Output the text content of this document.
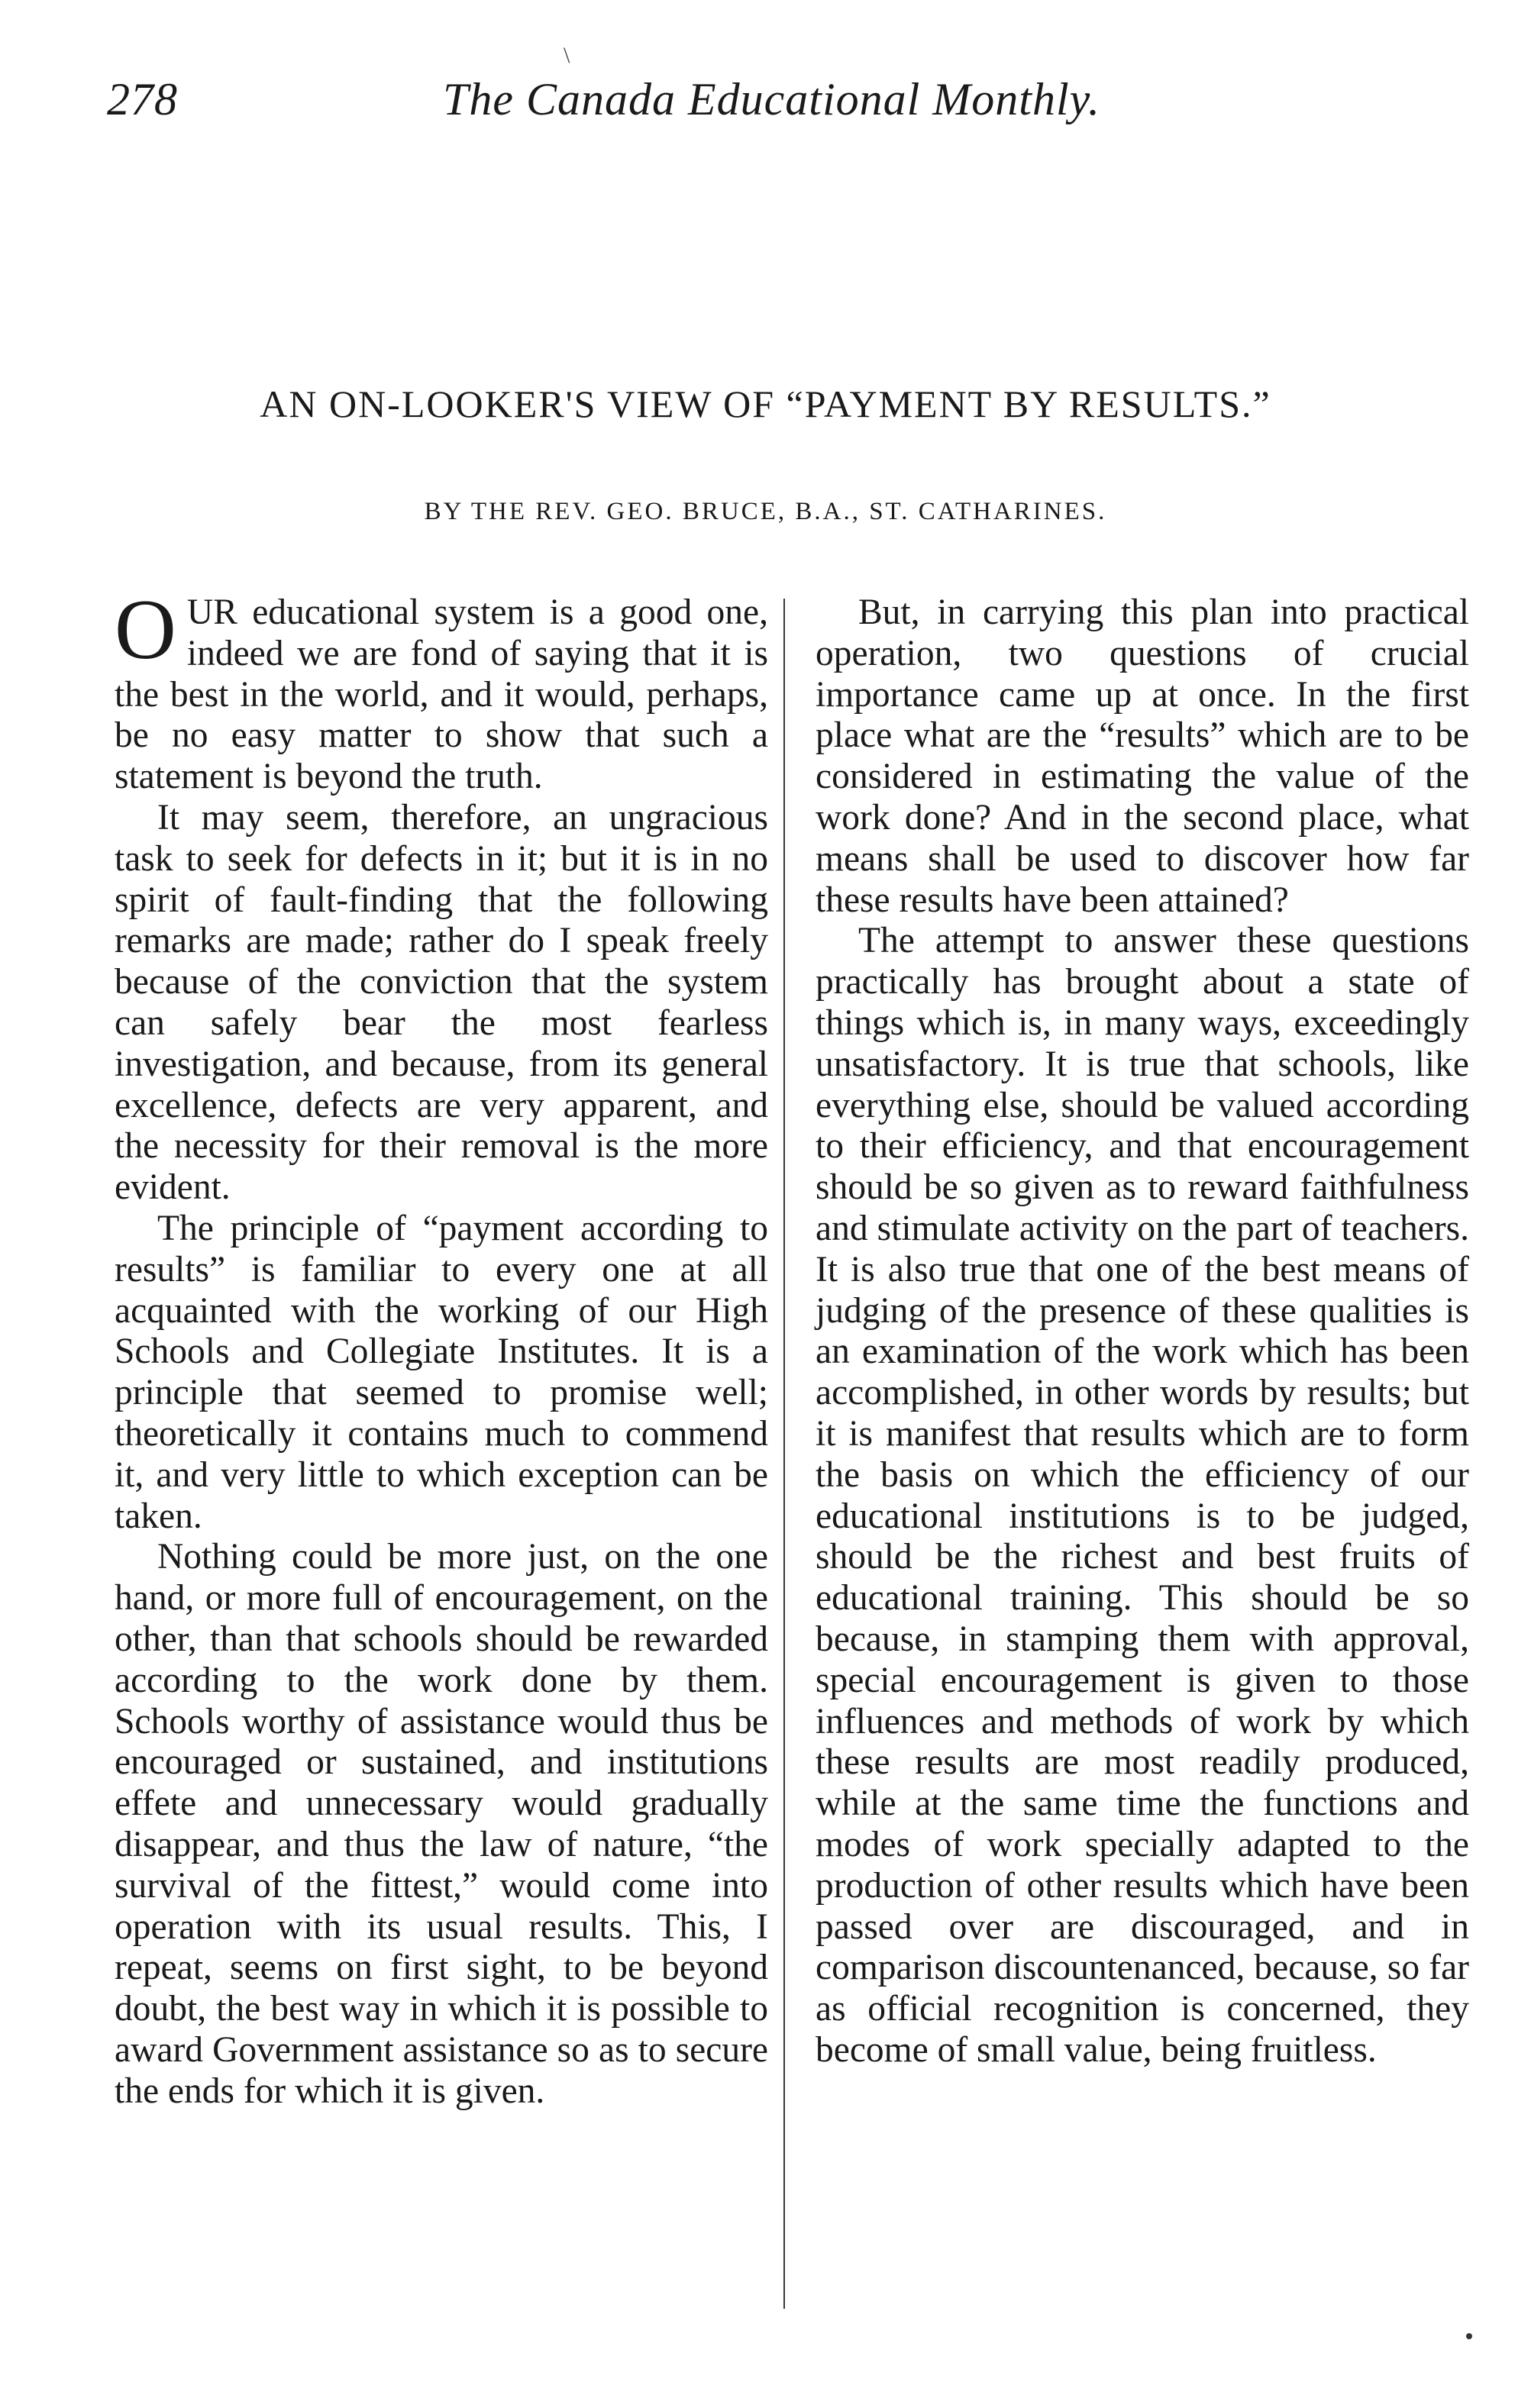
\
278	The Canada Educational Monthly.
AN ON-LOOKER'S VIEW OF “PAYMENT BY RESULTS.”
BY THE REV. GEO. BRUCE, B.A., ST. CATHARINES.

OUR educational system is a good one, indeed we are fond of saying that it is the best in the world, and it would, perhaps, be no easy matter to show that such a statement is beyond the truth.

It may seem, therefore, an ungracious task to seek for defects in it; but it is in no spirit of fault-finding that the following remarks are made; rather do I speak freely because of the conviction that the system can safely bear the most fearless investigation, and because, from its general excellence, defects are very apparent, and the necessity for their removal is the more evident.

The principle of “payment according to results” is familiar to every one at all acquainted with the working of our High Schools and Collegiate Institutes. It is a principle that seemed to promise well; theoretically it contains much to commend it, and very little to which exception can be taken.

Nothing could be more just, on the one hand, or more full of encouragement, on the other, than that schools should be rewarded according to the work done by them. Schools worthy of assistance would thus be encouraged or sustained, and institutions effete and unnecessary would gradually disappear, and thus the law of nature, “the survival of the fittest,” would come into operation with its usual results. This, I repeat, seems on first sight, to be beyond doubt, the best way in which it is possible to award Government assistance so as to secure the ends for which it is given.

But, in carrying this plan into practical operation, two questions of crucial importance came up at once. In the first place what are the “results” which are to be considered in estimating the value of the work done? And in the second place, what means shall be used to discover how far these results have been attained?

The attempt to answer these questions practically has brought about a state of things which is, in many ways, exceedingly unsatisfactory. It is true that schools, like everything else, should be valued according to their efficiency, and that encouragement should be so given as to reward faithfulness and stimulate activity on the part of teachers. It is also true that one of the best means of judging of the presence of these qualities is an examination of the work which has been accomplished, in other words by results; but it is manifest that results which are to form the basis on which the efficiency of our educational institutions is to be judged, should be the richest and best fruits of educational training. This should be so because, in stamping them with approval, special encouragement is given to those influences and methods of work by which these results are most readily produced, while at the same time the functions and modes of work specially adapted to the production of other results which have been passed over are discouraged, and in comparison discountenanced, because, so far as official recognition is concerned, they become of small value, being fruitless.
